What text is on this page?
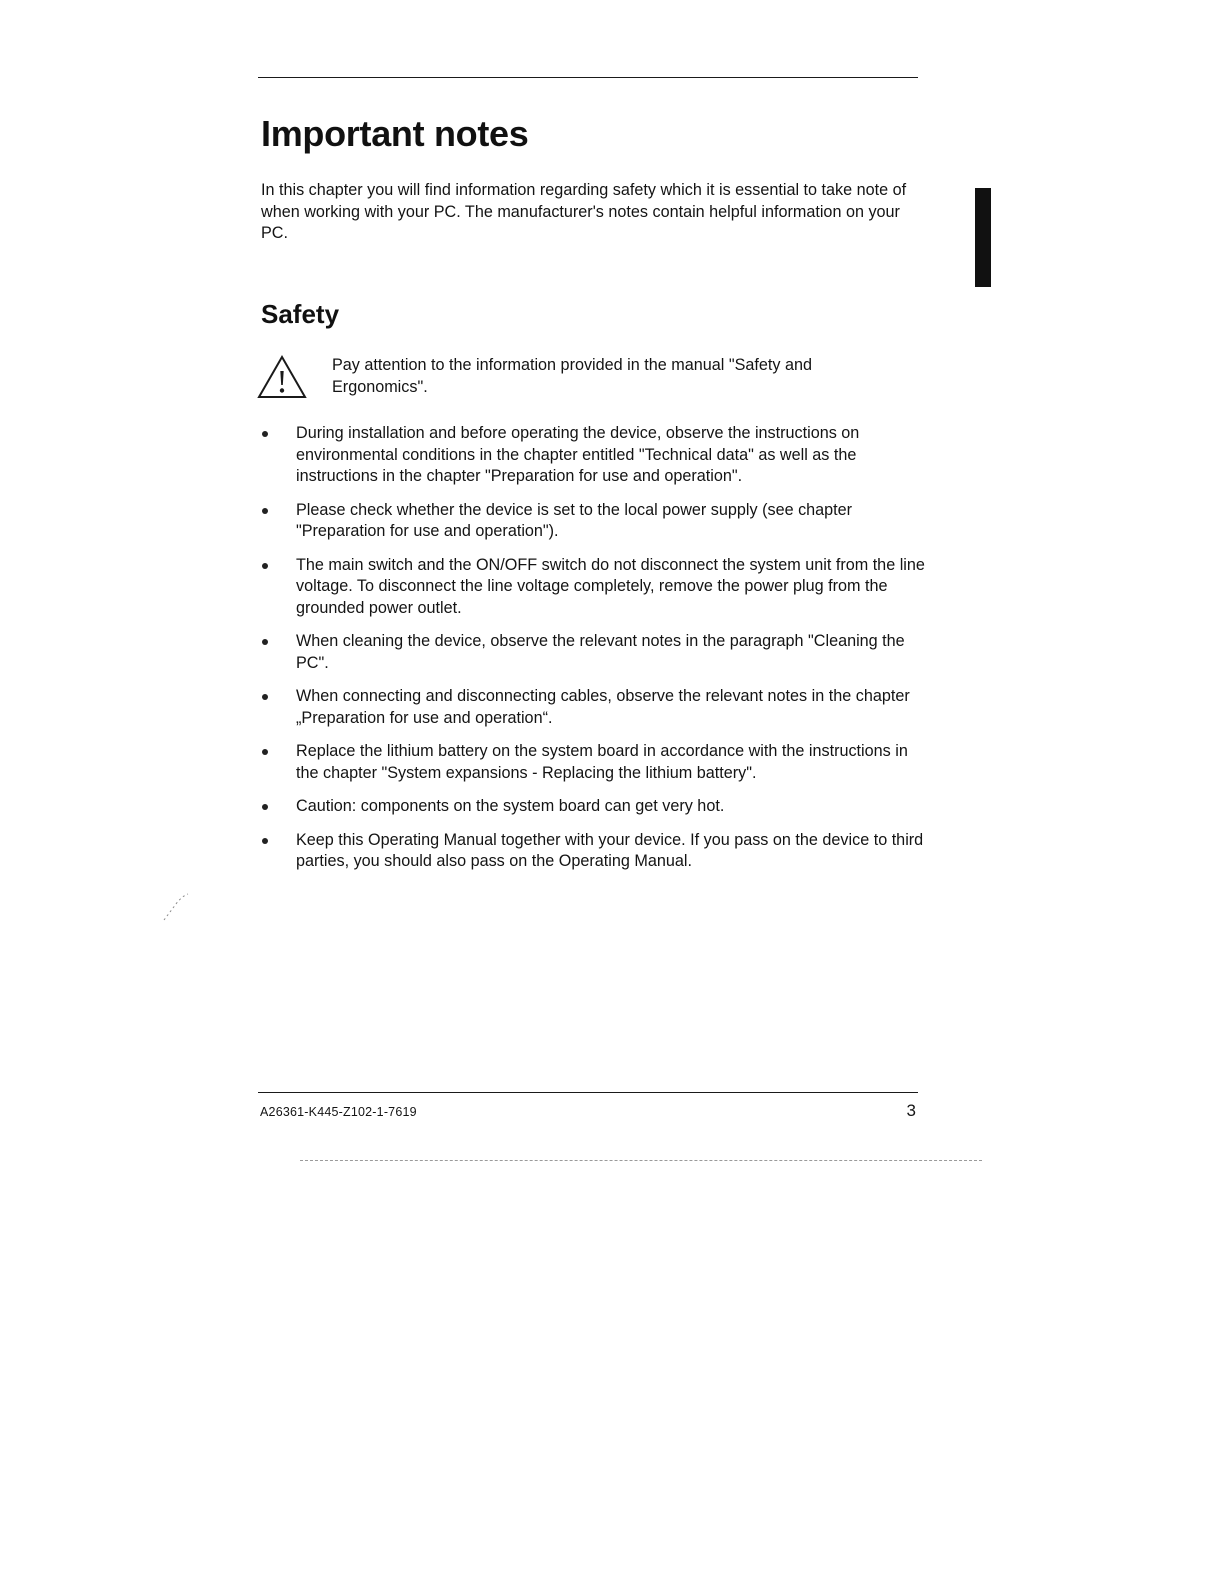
Important notes

In this chapter you will find information regarding safety which it is essential to take note of when working with your PC. The manufacturer's notes contain helpful information on your PC.

Safety

Pay attention to the information provided in the manual "Safety and Ergonomics".

During installation and before operating the device, observe the instructions on environmental conditions in the chapter entitled "Technical data" as well as the instructions in the chapter "Preparation for use and operation".
Please check whether the device is set to the local power supply (see chapter "Preparation for use and operation").
The main switch and the ON/OFF switch do not disconnect the system unit from the line voltage. To disconnect the line voltage completely, remove the power plug from the grounded power outlet.
When cleaning the device, observe the relevant notes in the paragraph "Cleaning the PC".
When connecting and disconnecting cables, observe the relevant notes in the chapter „Preparation for use and operation“.
Replace the lithium battery on the system board in accordance with the instructions in the chapter "System expansions - Replacing the lithium battery".
Caution: components on the system board can get very hot.
Keep this Operating Manual together with your device. If you pass on the device to third parties, you should also pass on the Operating Manual.
A26361-K445-Z102-1-7619	3
